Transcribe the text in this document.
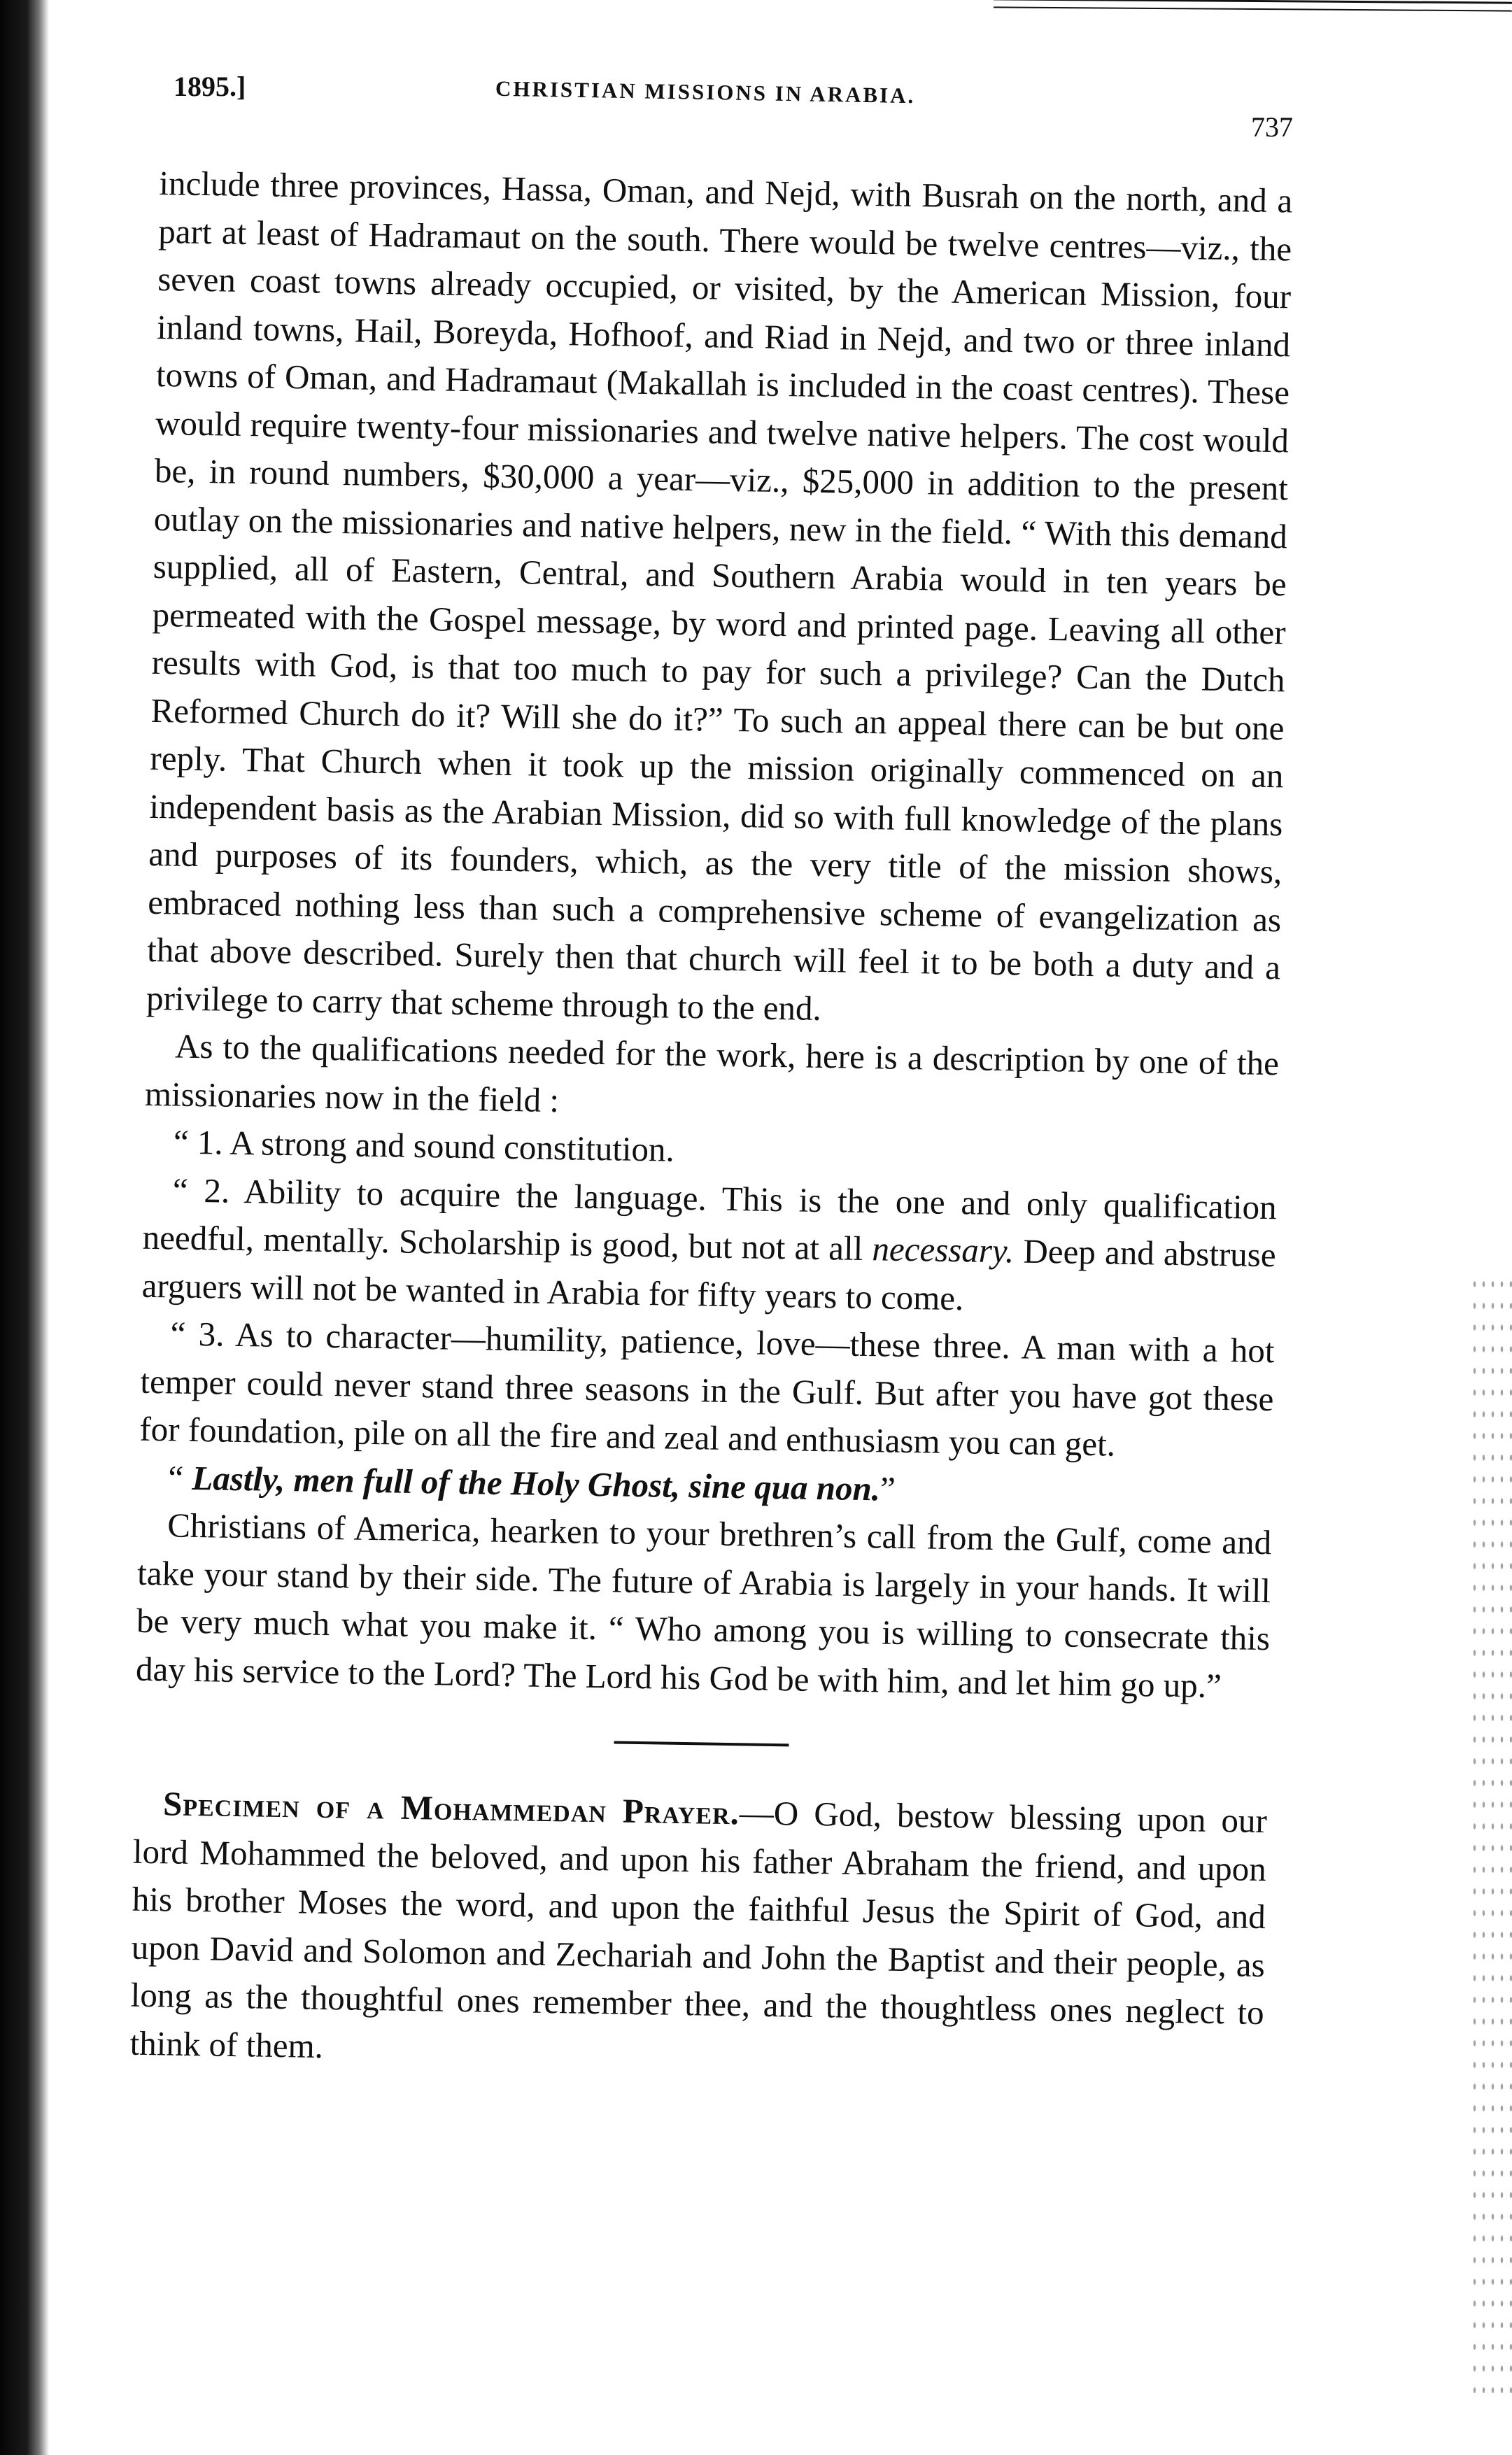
1895.]	CHRISTIAN MISSIONS IN ARABIA.
737

include three provinces, Hassa, Oman, and Nejd, with Busrah on the north, and a part at least of Hadramaut on the south. There would be twelve centres—viz., the seven coast towns already occupied, or visited, by the American Mission, four inland towns, Hail, Boreyda, Hofhoof, and Riad in Nejd, and two or three inland towns of Oman, and Hadramaut (Makallah is included in the coast centres). These would require twenty-four missionaries and twelve native helpers. The cost would be, in round numbers, $30,000 a year—viz., $25,000 in addition to the present outlay on the missionaries and native helpers, new in the field. “ With this demand supplied, all of Eastern, Central, and Southern Arabia would in ten years be permeated with the Gospel message, by word and printed page. Leaving all other results with God, is that too much to pay for such a privilege? Can the Dutch Reformed Church do it? Will she do it?” To such an appeal there can be but one reply. That Church when it took up the mission originally commenced on an independent basis as the Arabian Mission, did so with full knowledge of the plans and purposes of its founders, which, as the very title of the mission shows, embraced nothing less than such a comprehensive scheme of evangelization as that above described. Surely then that church will feel it to be both a duty and a privilege to carry that scheme through to the end.

As to the qualifications needed for the work, here is a description by one of the missionaries now in the field :

“ 1. A strong and sound constitution.

“ 2. Ability to acquire the language. This is the one and only qualification needful, mentally. Scholarship is good, but not at all necessary. Deep and abstruse arguers will not be wanted in Arabia for fifty years to come.

“ 3. As to character—humility, patience, love—these three. A man with a hot temper could never stand three seasons in the Gulf. But after you have got these for foundation, pile on all the fire and zeal and enthusiasm you can get.

“ Lastly, men full of the Holy Ghost, sine qua non.”

Christians of America, hearken to your brethren’s call from the Gulf, come and take your stand by their side. The future of Arabia is largely in your hands. It will be very much what you make it. “ Who among you is willing to consecrate this day his service to the Lord? The Lord his God be with him, and let him go up.”

Specimen of a Mohammedan Prayer.—O God, bestow blessing upon our lord Mohammed the beloved, and upon his father Abraham the friend, and upon his brother Moses the word, and upon the faithful Jesus the Spirit of God, and upon David and Solomon and Zechariah and John the Baptist and their people, as long as the thoughtful ones remember thee, and the thoughtless ones neglect to think of them.
